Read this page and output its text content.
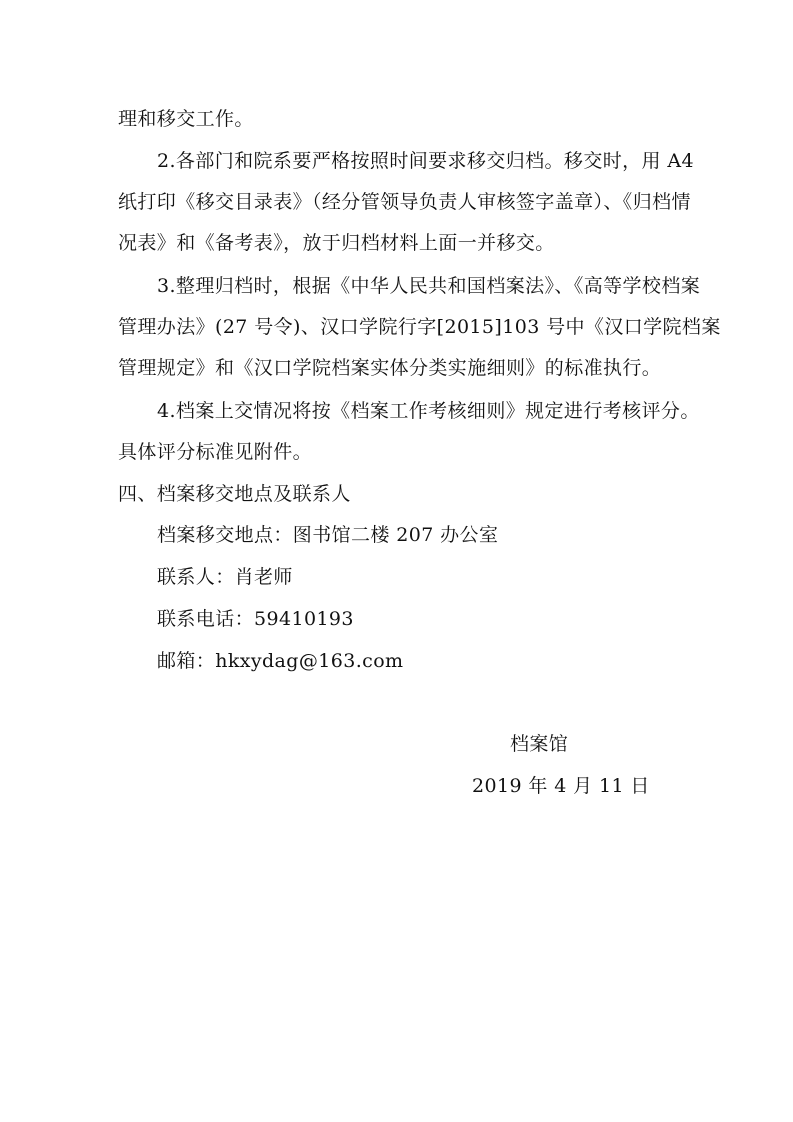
理和移交工作。
2.各部门和院系要严格按照时间要求移交归档。移交时，用 A4
纸打印《移交目录表》（经分管领导负责人审核签字盖章）、《归档情
况表》和《备考表》，放于归档材料上面一并移交。
3.整理归档时，根据《中华人民共和国档案法》、《高等学校档案
管理办法》(27 号令)、汉口学院行字[2015]103 号中《汉口学院档案
管理规定》和《汉口学院档案实体分类实施细则》的标准执行。
4.档案上交情况将按《档案工作考核细则》规定进行考核评分。
具体评分标准见附件。
四、档案移交地点及联系人
档案移交地点：图书馆二楼 207 办公室
联系人：肖老师
联系电话：59410193
邮箱：hkxydag@163.com
档案馆
2019 年 4 月 11 日
